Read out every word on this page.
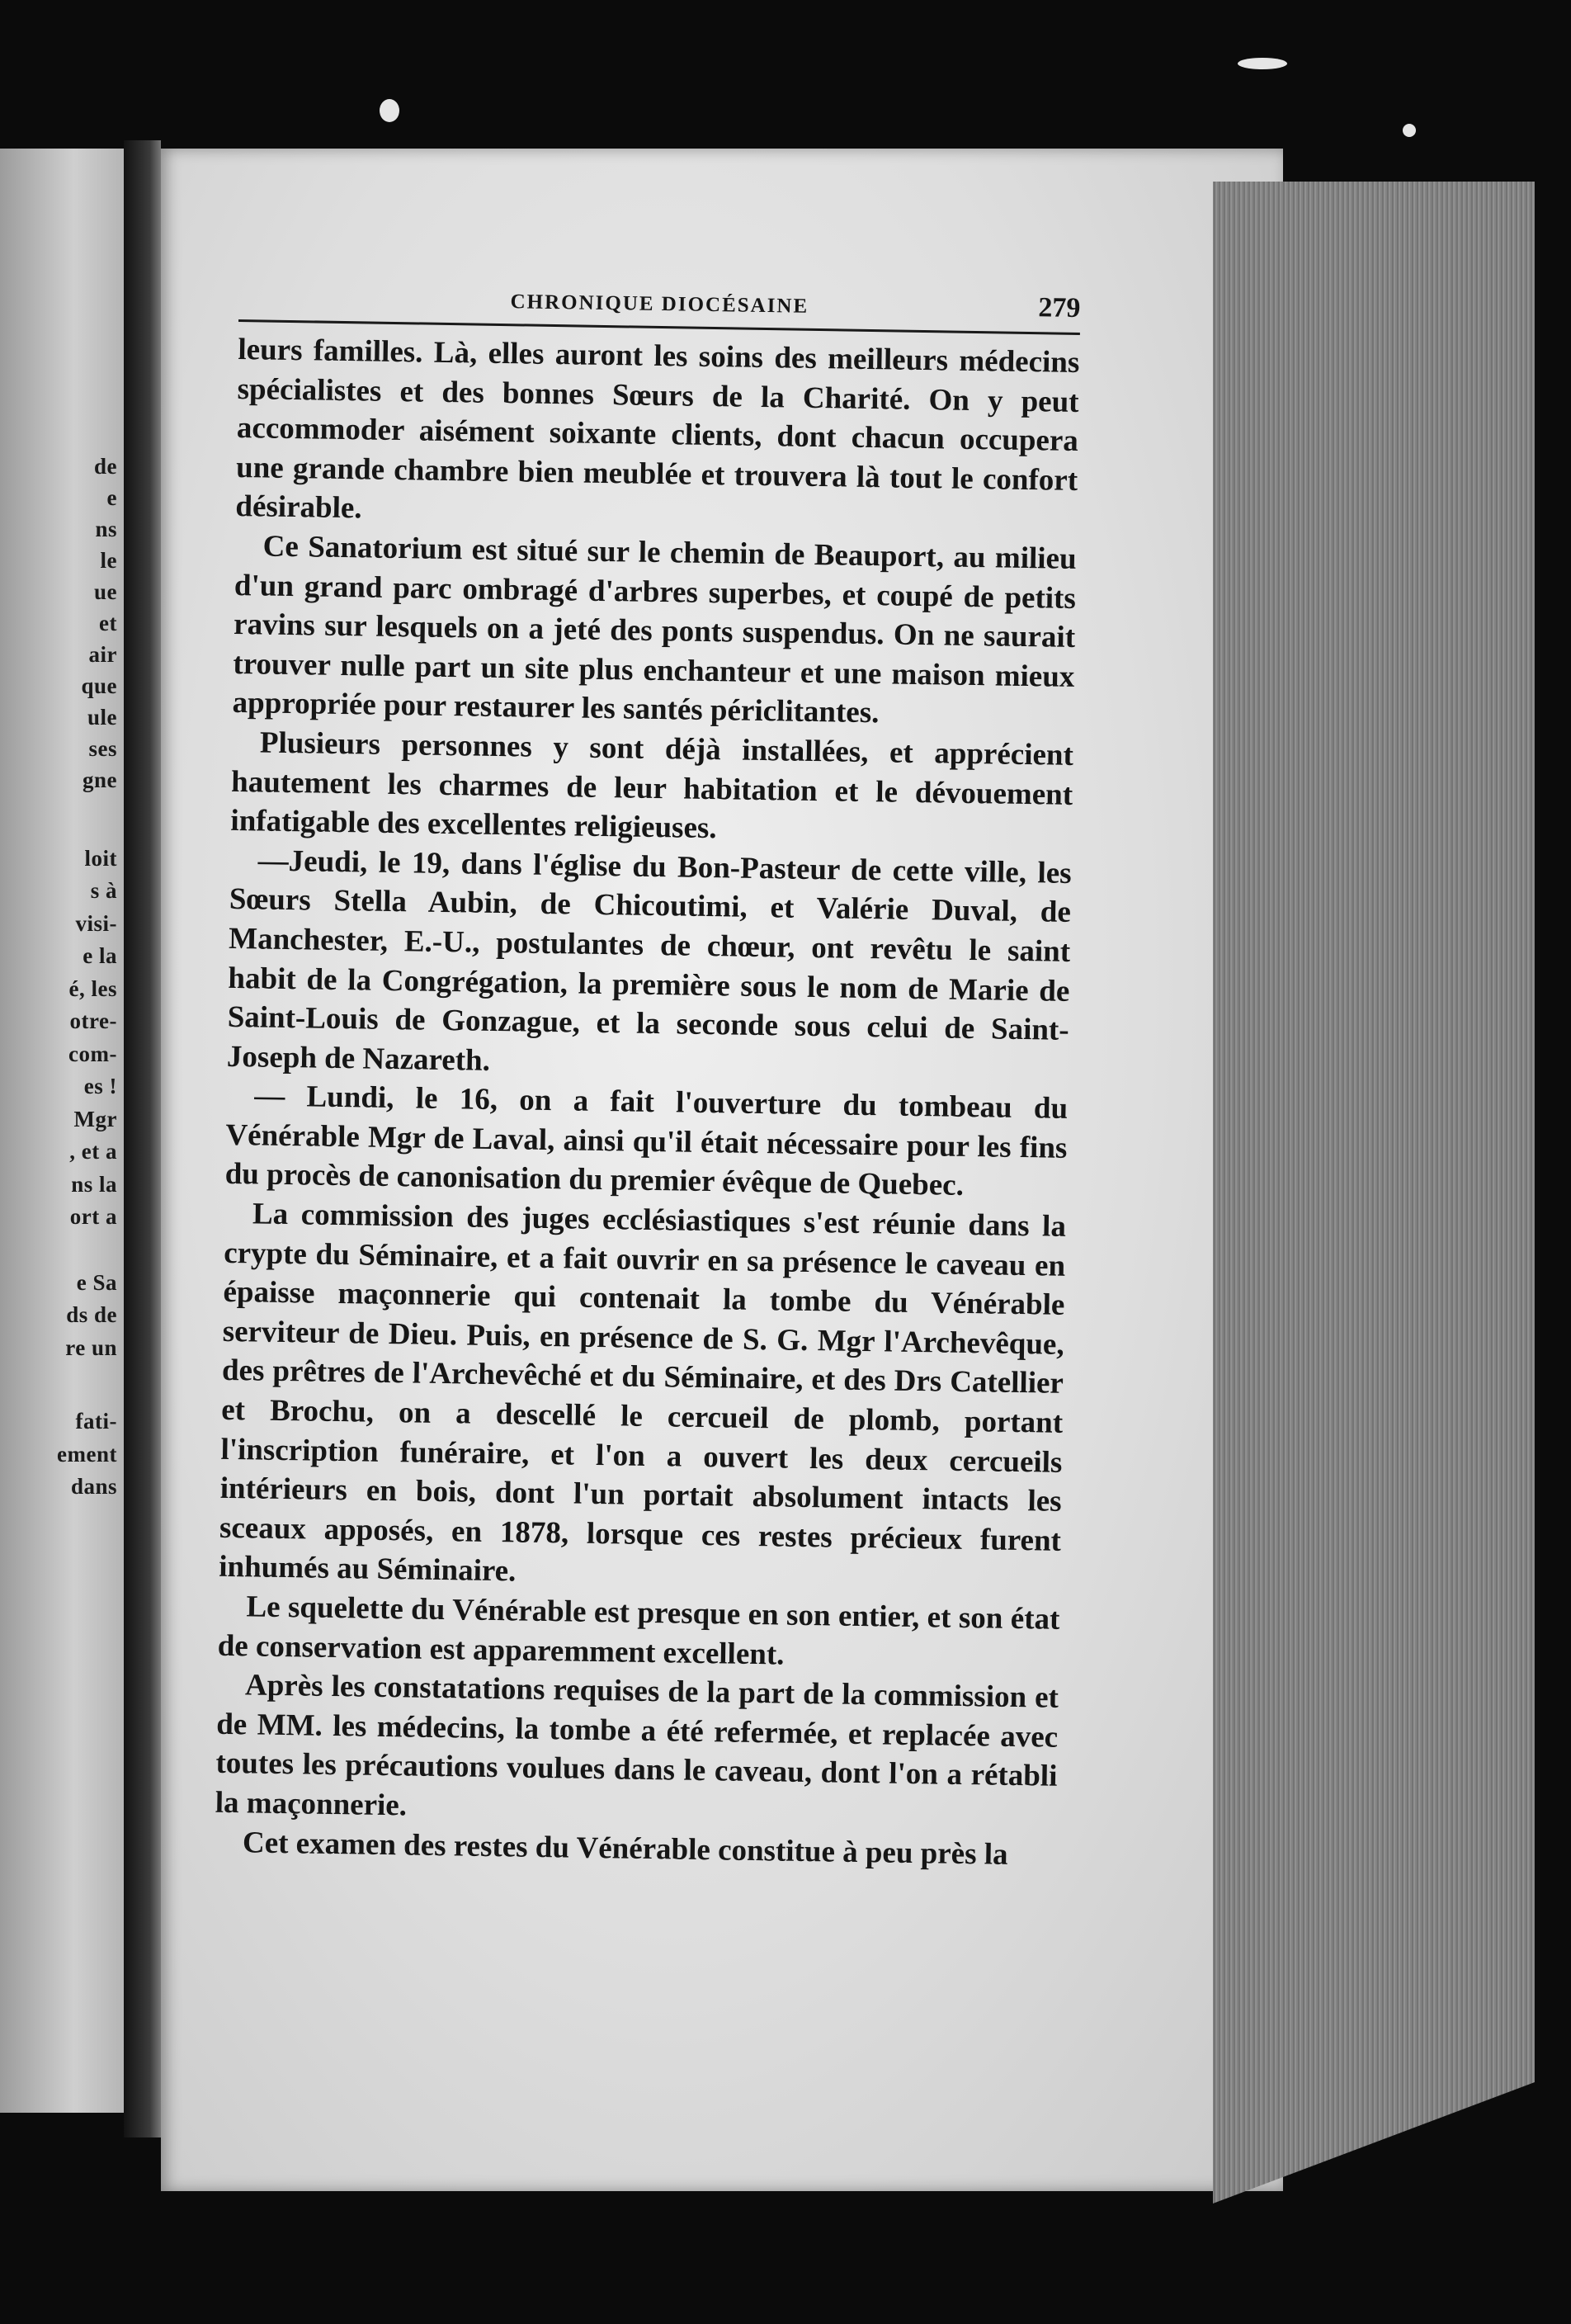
de
e
ns
le
ue
et
air
que
ule
ses
gne
loit
s à
visi-
e la
é, les
otre-
com-
es !
Mgr
, et a
ns la
ort a
e Sa
ds de
re un
fati-
ement
dans
CHRONIQUE DIOCÉSAINE	279

leurs familles. Là, elles auront les soins des meilleurs médecins spécialistes et des bonnes Sœurs de la Charité. On y peut accommoder aisément soixante clients, dont chacun occupera une grande chambre bien meublée et trouvera là tout le confort désirable.

Ce Sanatorium est situé sur le chemin de Beauport, au milieu d'un grand parc ombragé d'arbres superbes, et coupé de petits ravins sur lesquels on a jeté des ponts suspendus. On ne saurait trouver nulle part un site plus enchanteur et une maison mieux appropriée pour restaurer les santés périclitantes.

Plusieurs personnes y sont déjà installées, et apprécient hautement les charmes de leur habitation et le dévouement infatigable des excellentes religieuses.

—Jeudi, le 19, dans l'église du Bon-Pasteur de cette ville, les Sœurs Stella Aubin, de Chicoutimi, et Valérie Duval, de Manchester, E.-U., postulantes de chœur, ont revêtu le saint habit de la Congrégation, la première sous le nom de Marie de Saint-Louis de Gonzague, et la seconde sous celui de Saint-Joseph de Nazareth.

— Lundi, le 16, on a fait l'ouverture du tombeau du Vénérable Mgr de Laval, ainsi qu'il était nécessaire pour les fins du procès de canonisation du premier évêque de Quebec.

La commission des juges ecclésiastiques s'est réunie dans la crypte du Séminaire, et a fait ouvrir en sa présence le caveau en épaisse maçonnerie qui contenait la tombe du Vénérable serviteur de Dieu. Puis, en présence de S. G. Mgr l'Archevêque, des prêtres de l'Archevêché et du Séminaire, et des Drs Catellier et Brochu, on a descellé le cercueil de plomb, portant l'inscription funéraire, et l'on a ouvert les deux cercueils intérieurs en bois, dont l'un portait absolument intacts les sceaux apposés, en 1878, lorsque ces restes précieux furent inhumés au Séminaire.

Le squelette du Vénérable est presque en son entier, et son état de conservation est apparemment excellent.

Après les constatations requises de la part de la commission et de MM. les médecins, la tombe a été refermée, et replacée avec toutes les précautions voulues dans le caveau, dont l'on a rétabli la maçonnerie.

Cet examen des restes du Vénérable constitue à peu près la
